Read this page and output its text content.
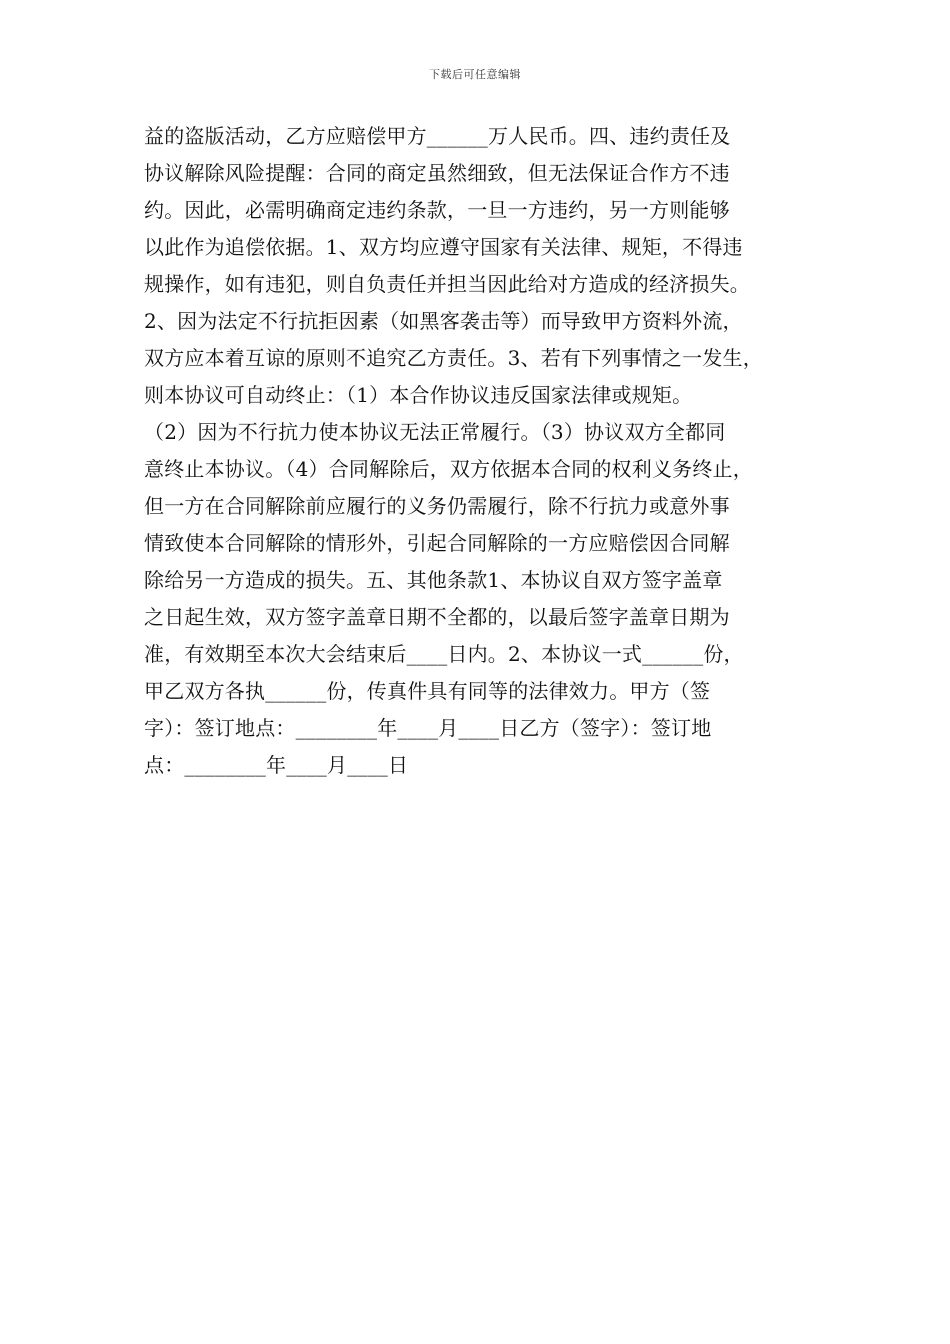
下载后可任意编辑
益的盗版活动，乙方应赔偿甲方______万人民币。四、违约责任及
协议解除风险提醒：合同的商定虽然细致，但无法保证合作方不违
约。因此，必需明确商定违约条款，一旦一方违约，另一方则能够
以此作为追偿依据。1、双方均应遵守国家有关法律、规矩，不得违
规操作，如有违犯，则自负责任并担当因此给对方造成的经济损失。
2、因为法定不行抗拒因素（如黑客袭击等）而导致甲方资料外流，
双方应本着互谅的原则不追究乙方责任。3、若有下列事情之一发生，
则本协议可自动终止：（1）本合作协议违反国家法律或规矩。
（2）因为不行抗力使本协议无法正常履行。（3）协议双方全都同
意终止本协议。（4）合同解除后，双方依据本合同的权利义务终止，
但一方在合同解除前应履行的义务仍需履行，除不行抗力或意外事
情致使本合同解除的情形外，引起合同解除的一方应赔偿因合同解
除给另一方造成的损失。五、其他条款1、本协议自双方签字盖章
之日起生效，双方签字盖章日期不全都的，以最后签字盖章日期为
准，有效期至本次大会结束后____日内。2、本协议一式______份，
甲乙双方各执______份，传真件具有同等的法律效力。甲方（签
字）：签订地点：________年____月____日乙方（签字）：签订地
点：________年____月____日
